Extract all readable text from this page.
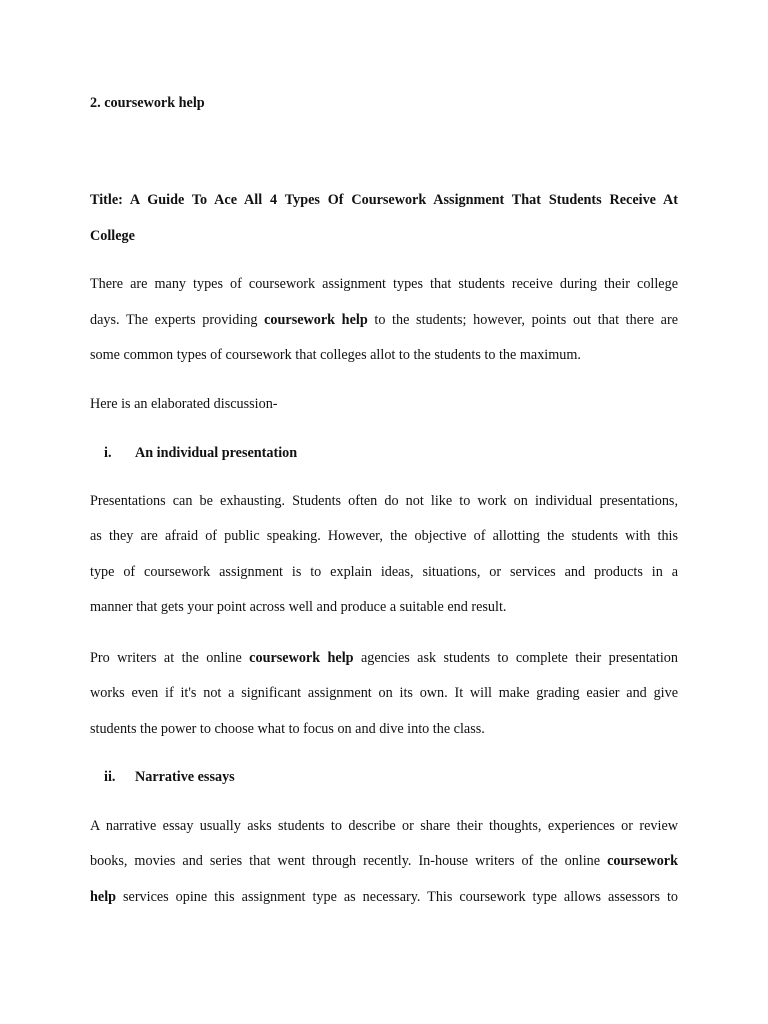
2. coursework help
Title: A Guide To Ace All 4 Types Of Coursework Assignment That Students Receive At
College
There are many types of coursework assignment types that students receive during their college
days. The experts providing coursework help to the students; however, points out that there are
some common types of coursework that colleges allot to the students to the maximum.
Here is an elaborated discussion-
i. An individual presentation
Presentations can be exhausting. Students often do not like to work on individual presentations,
as they are afraid of public speaking. However, the objective of allotting the students with this
type of coursework assignment is to explain ideas, situations, or services and products in a
manner that gets your point across well and produce a suitable end result.
Pro writers at the online coursework help agencies ask students to complete their presentation
works even if it's not a significant assignment on its own. It will make grading easier and give
students the power to choose what to focus on and dive into the class.
ii. Narrative essays
A narrative essay usually asks students to describe or share their thoughts, experiences or review
books, movies and series that went through recently. In-house writers of the online coursework
help services opine this assignment type as necessary. This coursework type allows assessors to
